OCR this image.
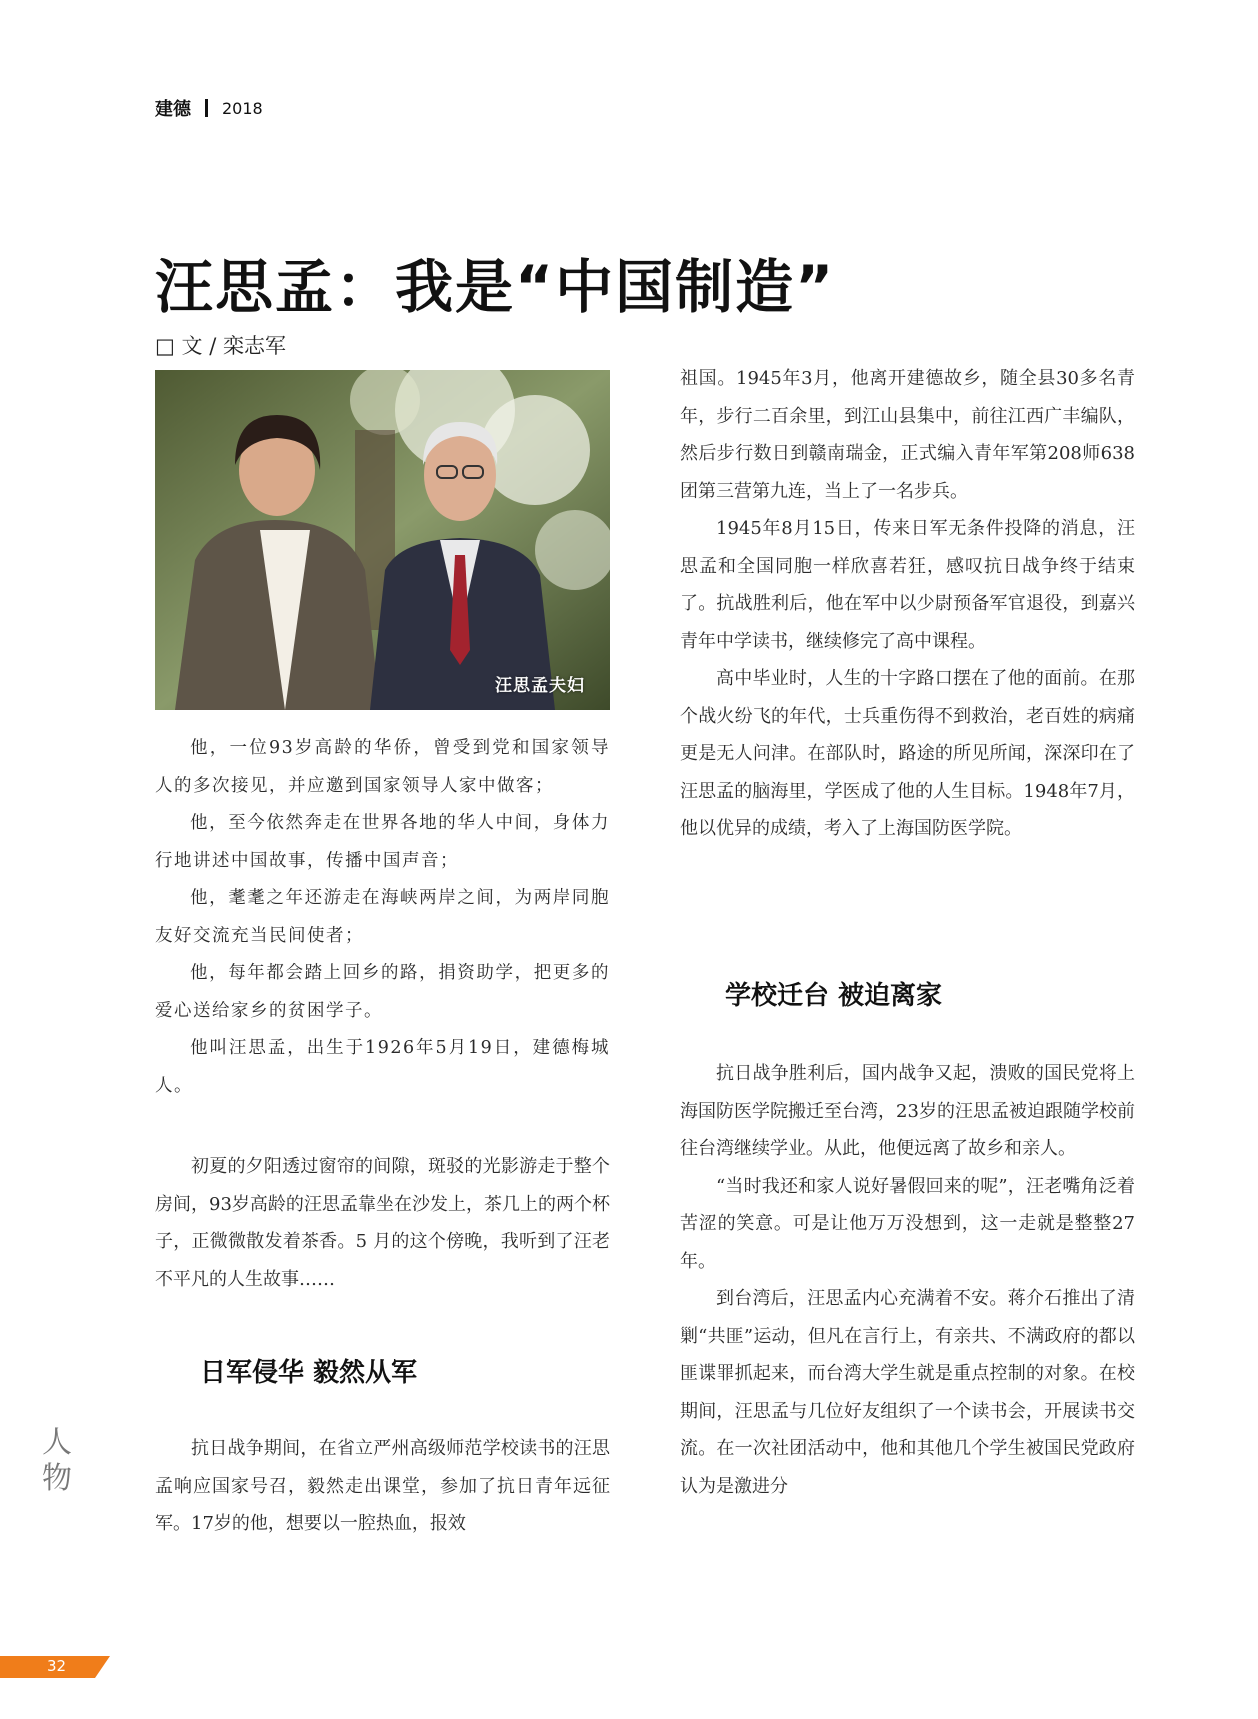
建德 2018
汪思孟：我是“中国制造”
□ 文 / 栾志军
汪思孟夫妇

他，一位93岁高龄的华侨，曾受到党和国家领导人的多次接见，并应邀到国家领导人家中做客；

他，至今依然奔走在世界各地的华人中间，身体力行地讲述中国故事，传播中国声音；

他，耄耄之年还游走在海峡两岸之间，为两岸同胞友好交流充当民间使者；

他，每年都会踏上回乡的路，捐资助学，把更多的爱心送给家乡的贫困学子。

他叫汪思孟，出生于1926年5月19日，建德梅城人。

初夏的夕阳透过窗帘的间隙，斑驳的光影游走于整个房间，93岁高龄的汪思孟靠坐在沙发上，茶几上的两个杯子，正微微散发着茶香。5 月的这个傍晚，我听到了汪老不平凡的人生故事……

日军侵华 毅然从军

抗日战争期间，在省立严州高级师范学校读书的汪思孟响应国家号召，毅然走出课堂，参加了抗日青年远征军。17岁的他，想要以一腔热血，报效

祖国。1945年3月，他离开建德故乡，随全县30多名青年，步行二百余里，到江山县集中，前往江西广丰编队，然后步行数日到赣南瑞金，正式编入青年军第208师638团第三营第九连，当上了一名步兵。

1945年8月15日，传来日军无条件投降的消息，汪思孟和全国同胞一样欣喜若狂，感叹抗日战争终于结束了。抗战胜利后，他在军中以少尉预备军官退役，到嘉兴青年中学读书，继续修完了高中课程。

高中毕业时，人生的十字路口摆在了他的面前。在那个战火纷飞的年代，士兵重伤得不到救治，老百姓的病痛更是无人问津。在部队时，路途的所见所闻，深深印在了汪思孟的脑海里，学医成了他的人生目标。1948年7月，他以优异的成绩，考入了上海国防医学院。

学校迁台 被迫离家

抗日战争胜利后，国内战争又起，溃败的国民党将上海国防医学院搬迁至台湾，23岁的汪思孟被迫跟随学校前往台湾继续学业。从此，他便远离了故乡和亲人。

“当时我还和家人说好暑假回来的呢”，汪老嘴角泛着苦涩的笑意。可是让他万万没想到，这一走就是整整27年。

到台湾后，汪思孟内心充满着不安。蒋介石推出了清剿“共匪”运动，但凡在言行上，有亲共、不满政府的都以匪谍罪抓起来，而台湾大学生就是重点控制的对象。在校期间，汪思孟与几位好友组织了一个读书会，开展读书交流。在一次社团活动中，他和其他几个学生被国民党政府认为是激进分

人物
32
